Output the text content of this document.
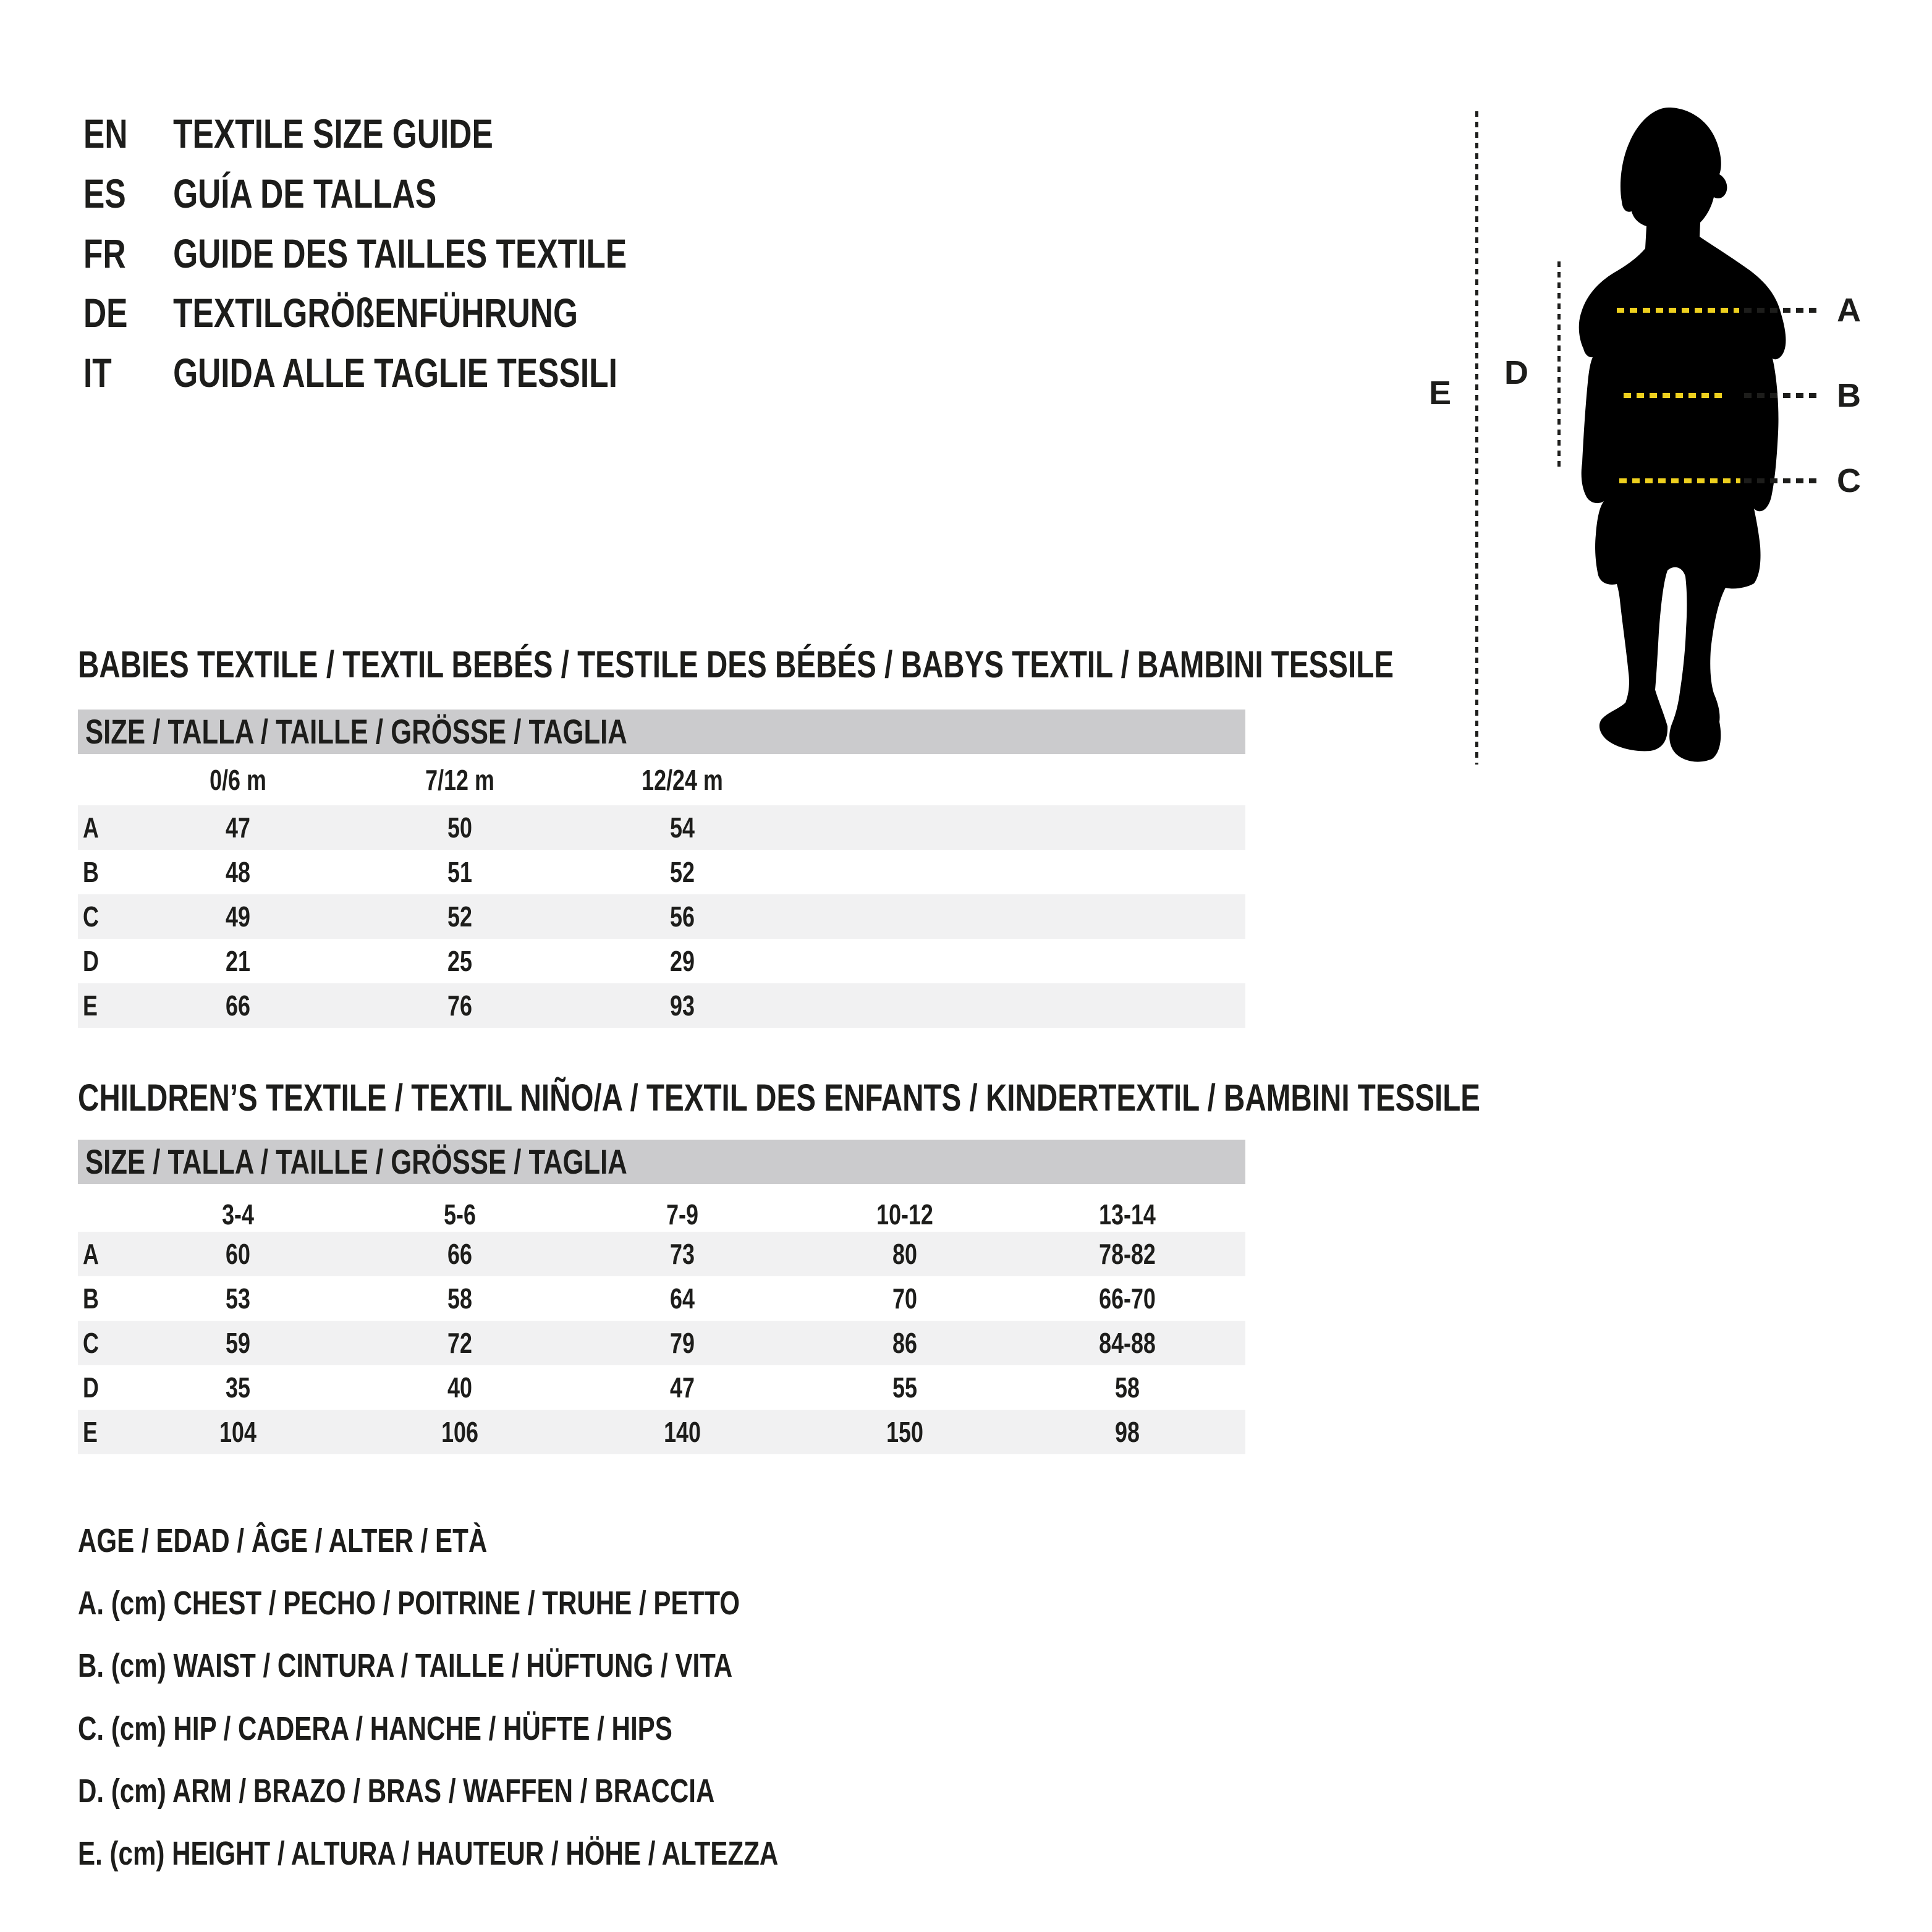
EN TEXTILE SIZE GUIDE
ES GUÍA DE TALLAS
FR GUIDE DES TAILLES TEXTILE
DE TEXTILGRÖßENFÜHRUNG
IT GUIDA ALLE TAGLIE TESSILI	E
D
A
B
C
BABIES TEXTILE / TEXTIL BEBÉS / TESTILE DES BÉBÉS / BABYS TEXTIL / BAMBINI TESSILE
SIZE / TALLA / TAILLE / GRÖSSE / TAGLIA
0/6 m	7/12 m	12/24 m
A	47	50	54
B	48	51	52
C	49	52	56
D	21	25	29
E	66	76	93
CHILDREN’S TEXTILE / TEXTIL NIÑO/A / TEXTIL DES ENFANTS / KINDERTEXTIL / BAMBINI TESSILE
SIZE / TALLA / TAILLE / GRÖSSE / TAGLIA
3-4	5-6	7-9	10-12	13-14
A	60	66	73	80	78-82
B	53	58	64	70	66-70
C	59	72	79	86	84-88
D	35	40	47	55	58
E	104	106	140	150	98
AGE / EDAD / ÂGE / ALTER / ETÀ
A. (cm) CHEST / PECHO / POITRINE / TRUHE / PETTO
B. (cm) WAIST / CINTURA / TAILLE / HÜFTUNG / VITA
C. (cm) HIP / CADERA / HANCHE / HÜFTE / HIPS
D. (cm) ARM / BRAZO / BRAS / WAFFEN / BRACCIA
E. (cm) HEIGHT / ALTURA / HAUTEUR / HÖHE / ALTEZZA
